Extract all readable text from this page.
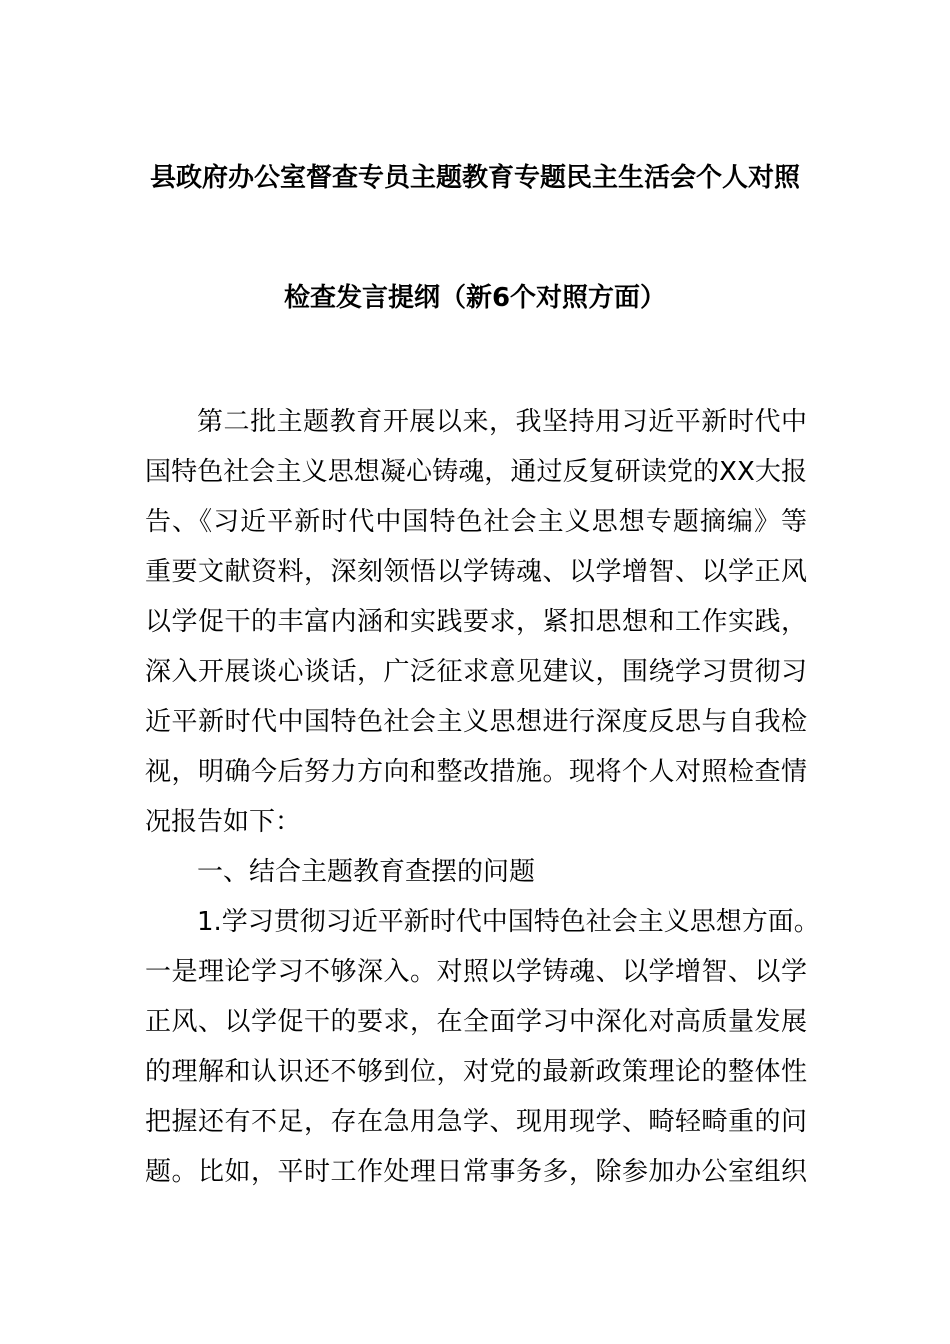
县政府办公室督查专员主题教育专题民主生活会个人对照
检查发言提纲（新6个对照方面）
第二批主题教育开展以来，我坚持用习近平新时代中
国特色社会主义思想凝心铸魂，通过反复研读党的XX大报
告、《习近平新时代中国特色社会主义思想专题摘编》等
重要文献资料，深刻领悟以学铸魂、以学增智、以学正风
以学促干的丰富内涵和实践要求，紧扣思想和工作实践，
深入开展谈心谈话，广泛征求意见建议，围绕学习贯彻习
近平新时代中国特色社会主义思想进行深度反思与自我检
视，明确今后努力方向和整改措施。现将个人对照检查情
况报告如下：
一、结合主题教育查摆的问题
1.学习贯彻习近平新时代中国特色社会主义思想方面。
一是理论学习不够深入。对照以学铸魂、以学增智、以学
正风、以学促干的要求，在全面学习中深化对高质量发展
的理解和认识还不够到位，对党的最新政策理论的整体性
把握还有不足，存在急用急学、现用现学、畸轻畸重的问
题。比如，平时工作处理日常事务多，除参加办公室组织
